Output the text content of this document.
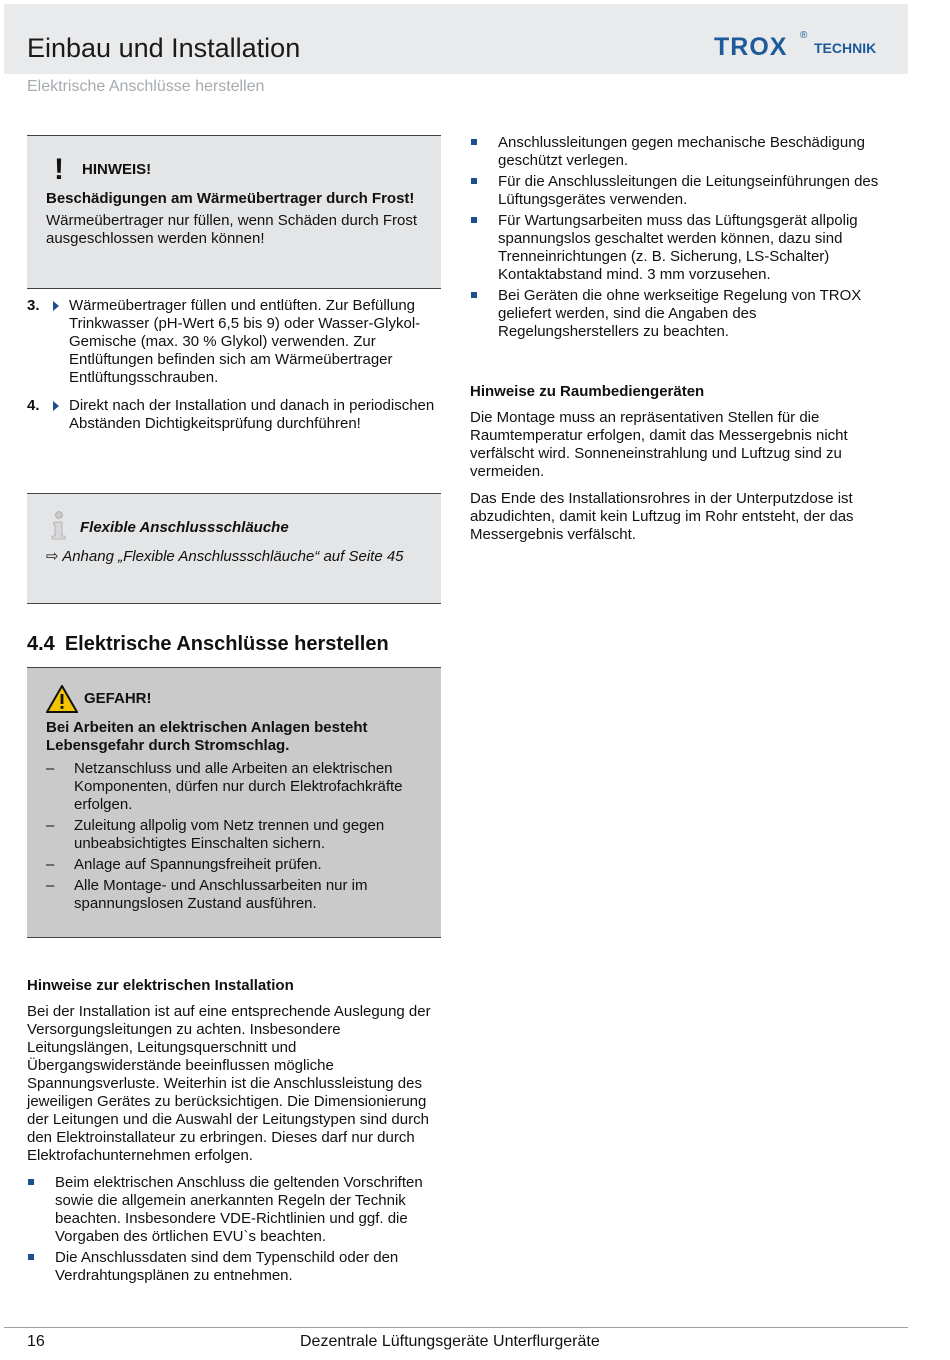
Einbau und Installation	TROX ®
TECHNIK
Elektrische Anschlüsse herstellen
!	HINWEIS!
Beschädigungen am Wärmeübertrager durch Frost!
Wärmeübertrager nur füllen, wenn Schäden durch Frost ausgeschlossen werden können!
3. Wärmeübertrager füllen und entlüften. Zur Befüllung Trinkwasser (pH-Wert 6,5 bis 9) oder Wasser-Glykol-Gemische (max. 30 % Glykol) verwenden. Zur Entlüftungen befinden sich am Wärmeübertrager Entlüftungsschrauben.
4. Direkt nach der Installation und danach in periodischen Abständen Dichtigkeitsprüfung durchführen!
Flexible Anschlussschläuche
⇨ Anhang „Flexible Anschlussschläuche“ auf Seite 45
4.4 Elektrische Anschlüsse herstellen
GEFAHR!
Bei Arbeiten an elektrischen Anlagen besteht Lebensgefahr durch Stromschlag.
– Netzanschluss und alle Arbeiten an elektrischen Komponenten, dürfen nur durch Elektrofachkräfte erfolgen.
– Zuleitung allpolig vom Netz trennen und gegen unbeabsichtigtes Einschalten sichern.
– Anlage auf Spannungsfreiheit prüfen.
– Alle Montage- und Anschlussarbeiten nur im spannungslosen Zustand ausführen.
Hinweise zur elektrischen Installation

Bei der Installation ist auf eine entsprechende Auslegung der Versorgungsleitungen zu achten. Insbesondere Leitungslängen, Leitungsquerschnitt und Übergangswiderstände beeinflussen mögliche Spannungsverluste. Weiterhin ist die Anschlussleistung des jeweiligen Gerätes zu berücksichtigen. Die Dimensionierung der Leitungen und die Auswahl der Leitungstypen sind durch den Elektroinstallateur zu erbringen. Dieses darf nur durch Elektrofachunternehmen erfolgen.

Beim elektrischen Anschluss die geltenden Vorschriften sowie die allgemein anerkannten Regeln der Technik beachten. Insbesondere VDE-Richtlinien und ggf. die Vorgaben des örtlichen EVU`s beachten.
Die Anschlussdaten sind dem Typenschild oder den Verdrahtungsplänen zu entnehmen.
Anschlussleitungen gegen mechanische Beschädigung geschützt verlegen.
Für die Anschlussleitungen die Leitungseinführungen des Lüftungsgerätes verwenden.
Für Wartungsarbeiten muss das Lüftungsgerät allpolig spannungslos geschaltet werden können, dazu sind Trenneinrichtungen (z. B. Sicherung, LS-Schalter) Kontaktabstand mind. 3 mm vorzusehen.
Bei Geräten die ohne werkseitige Regelung von TROX geliefert werden, sind die Angaben des Regelungsherstellers zu beachten.
Hinweise zu Raumbediengeräten

Die Montage muss an repräsentativen Stellen für die Raumtemperatur erfolgen, damit das Messergebnis nicht verfälscht wird. Sonneneinstrahlung und Luftzug sind zu vermeiden.

Das Ende des Installationsrohres in der Unterputzdose ist abzudichten, damit kein Luftzug im Rohr entsteht, der das Messergebnis verfälscht.

16	Dezentrale Lüftungsgeräte Unterflurgeräte
